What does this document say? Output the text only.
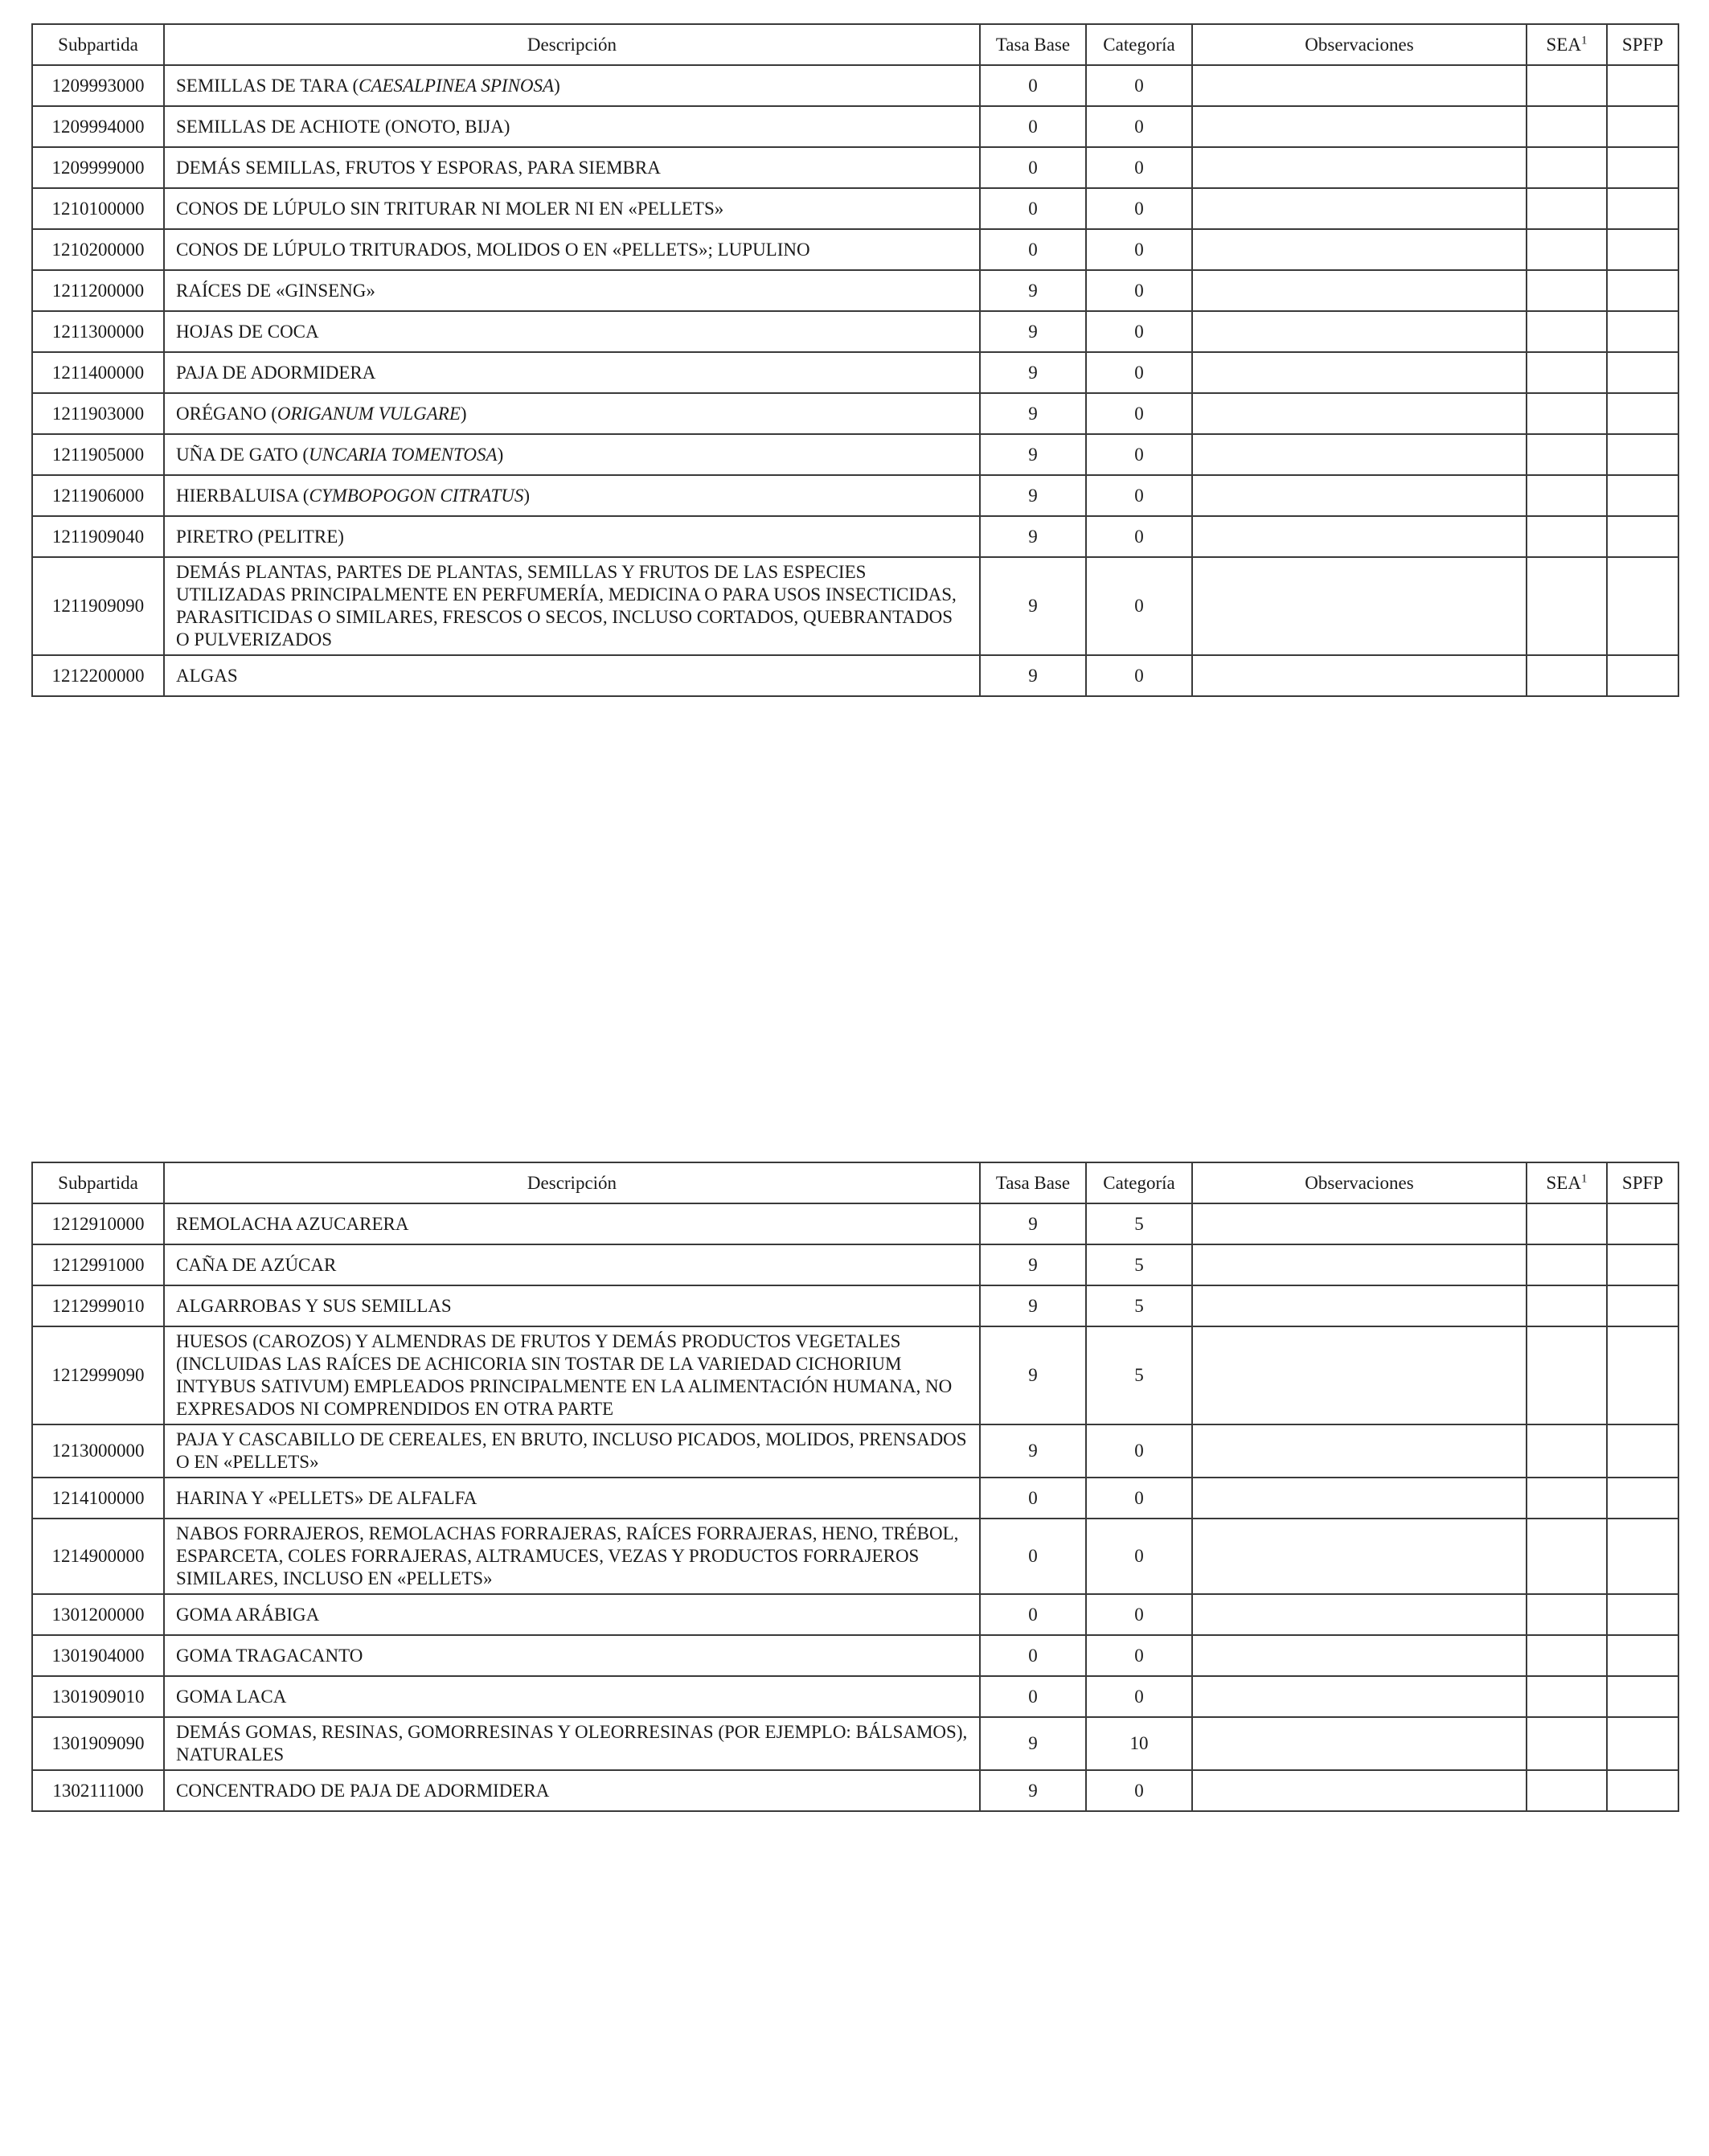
Subpartida	Descripción	Tasa Base	Categoría	Observaciones	SEA$^1$	SPFP
1209993000	SEMILLAS DE TARA (CAESALPINEA SPINOSA)	0	0			
1209994000	SEMILLAS DE ACHIOTE (ONOTO, BIJA)	0	0			
1209999000	DEMÁS SEMILLAS, FRUTOS Y ESPORAS, PARA SIEMBRA	0	0			
1210100000	CONOS DE LÚPULO SIN TRITURAR NI MOLER NI EN «PELLETS»	0	0			
1210200000	CONOS DE LÚPULO TRITURADOS, MOLIDOS O EN «PELLETS»; LUPULINO	0	0			
1211200000	RAÍCES DE «GINSENG»	9	0			
1211300000	HOJAS DE COCA	9	0			
1211400000	PAJA DE ADORMIDERA	9	0			
1211903000	ORÉGANO (ORIGANUM VULGARE)	9	0			
1211905000	UÑA DE GATO (UNCARIA TOMENTOSA)	9	0			
1211906000	HIERBALUISA (CYMBOPOGON CITRATUS)	9	0			
1211909040	PIRETRO (PELITRE)	9	0			
1211909090	DEMÁS PLANTAS, PARTES DE PLANTAS, SEMILLAS Y FRUTOS DE LAS ESPECIES UTILIZADAS PRINCIPALMENTE EN PERFUMERÍA, MEDICINA O PARA USOS INSECTICIDAS, PARASITICIDAS O SIMILARES, FRESCOS O SECOS, INCLUSO CORTADOS, QUEBRANTADOS O PULVERIZADOS	9	0			
1212200000	ALGAS	9	0			
Subpartida	Descripción	Tasa Base	Categoría	Observaciones	SEA$^1$	SPFP
1212910000	REMOLACHA AZUCARERA	9	5			
1212991000	CAÑA DE AZÚCAR	9	5			
1212999010	ALGARROBAS Y SUS SEMILLAS	9	5			
1212999090	HUESOS (CAROZOS) Y ALMENDRAS DE FRUTOS Y DEMÁS PRODUCTOS VEGETALES (INCLUIDAS LAS RAÍCES DE ACHICORIA SIN TOSTAR DE LA VARIEDAD CICHORIUM INTYBUS SATIVUM) EMPLEADOS PRINCIPALMENTE EN LA ALIMENTACIÓN HUMANA, NO EXPRESADOS NI COMPRENDIDOS EN OTRA PARTE	9	5			
1213000000	PAJA Y CASCABILLO DE CEREALES, EN BRUTO, INCLUSO PICADOS, MOLIDOS, PRENSADOS O EN «PELLETS»	9	0			
1214100000	HARINA Y «PELLETS» DE ALFALFA	0	0			
1214900000	NABOS FORRAJEROS, REMOLACHAS FORRAJERAS, RAÍCES FORRAJERAS, HENO, TRÉBOL, ESPARCETA, COLES FORRAJERAS, ALTRAMUCES, VEZAS Y PRODUCTOS FORRAJEROS SIMILARES, INCLUSO EN «PELLETS»	0	0			
1301200000	GOMA ARÁBIGA	0	0			
1301904000	GOMA TRAGACANTO	0	0			
1301909010	GOMA LACA	0	0			
1301909090	DEMÁS GOMAS, RESINAS, GOMORRESINAS Y OLEORRESINAS (POR EJEMPLO: BÁLSAMOS), NATURALES	9	10			
1302111000	CONCENTRADO DE PAJA DE ADORMIDERA	9	0			
